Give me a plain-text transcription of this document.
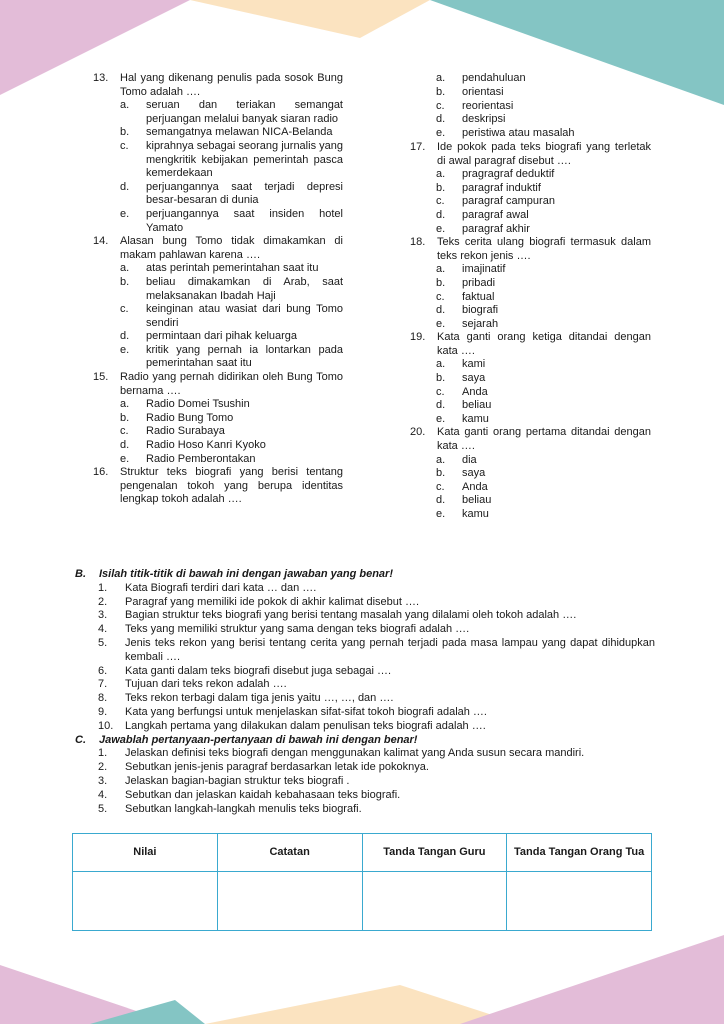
13. Hal yang dikenang penulis pada sosok Bung Tomo adalah ….
a. seruan dan teriakan semangat perjuangan melalui banyak siaran radio
b. semangatnya melawan NICA-Belanda
c. kiprahnya sebagai seorang jurnalis yang mengkritik kebijakan pemerintah pasca kemerdekaan
d. perjuangannya saat terjadi depresi besar-besaran di dunia
e. perjuangannya saat insiden hotel Yamato
14. Alasan bung Tomo tidak dimakamkan di makam pahlawan karena ….
a. atas perintah pemerintahan saat itu
b. beliau dimakamkan di Arab, saat melaksanakan Ibadah Haji
c. keinginan atau wasiat dari bung Tomo sendiri
d. permintaan dari pihak keluarga
e. kritik yang pernah ia lontarkan pada pemerintahan saat itu
15. Radio yang pernah didirikan oleh Bung Tomo bernama ….
a. Radio Domei Tsushin
b. Radio Bung Tomo
c. Radio Surabaya
d. Radio Hoso Kanri Kyoko
e. Radio Pemberontakan
16. Struktur teks biografi yang berisi tentang pengenalan tokoh yang berupa identitas lengkap tokoh adalah ….
a. pendahuluan
b. orientasi
c. reorientasi
d. deskripsi
e. peristiwa atau masalah
17. Ide pokok pada teks biografi yang terletak di awal paragraf disebut ….
a. pragragraf deduktif
b. paragraf induktif
c. paragraf campuran
d. paragraf awal
e. paragraf akhir
18. Teks cerita ulang biografi termasuk dalam teks rekon jenis ….
a. imajinatif
b. pribadi
c. faktual
d. biografi
e. sejarah
19. Kata ganti orang ketiga ditandai dengan kata ….
a. kami
b. saya
c. Anda
d. beliau
e. kamu
20. Kata ganti orang pertama ditandai dengan kata ….
a. dia
b. saya
c. Anda
d. beliau
e. kamu
B. Isilah titik-titik di bawah ini dengan jawaban yang benar!
1. Kata Biografi terdiri dari kata … dan ….
2. Paragraf yang memiliki ide pokok di akhir kalimat disebut ….
3. Bagian struktur teks biografi yang berisi tentang masalah yang dilalami oleh tokoh adalah ….
4. Teks yang memiliki struktur yang sama dengan teks biografi adalah ….
5. Jenis teks rekon yang berisi tentang cerita yang pernah terjadi pada masa lampau yang dapat dihidupkan kembali ….
6. Kata ganti dalam teks biografi disebut juga sebagai ….
7. Tujuan dari teks rekon adalah ….
8. Teks rekon terbagi dalam tiga jenis yaitu …, …, dan ….
9. Kata yang berfungsi untuk menjelaskan sifat-sifat tokoh biografi adalah ….
10. Langkah pertama yang dilakukan dalam penulisan teks biografi adalah ….
C. Jawablah pertanyaan-pertanyaan di bawah ini dengan benar!
1. Jelaskan definisi teks biografi dengan menggunakan kalimat yang Anda susun secara mandiri.
2. Sebutkan jenis-jenis paragraf berdasarkan letak ide pokoknya.
3. Jelaskan bagian-bagian struktur teks biografi .
4. Sebutkan dan jelaskan kaidah kebahasaan teks biografi.
5. Sebutkan langkah-langkah menulis teks biografi.
Nilai	Catatan	Tanda Tangan Guru	Tanda Tangan Orang Tua
